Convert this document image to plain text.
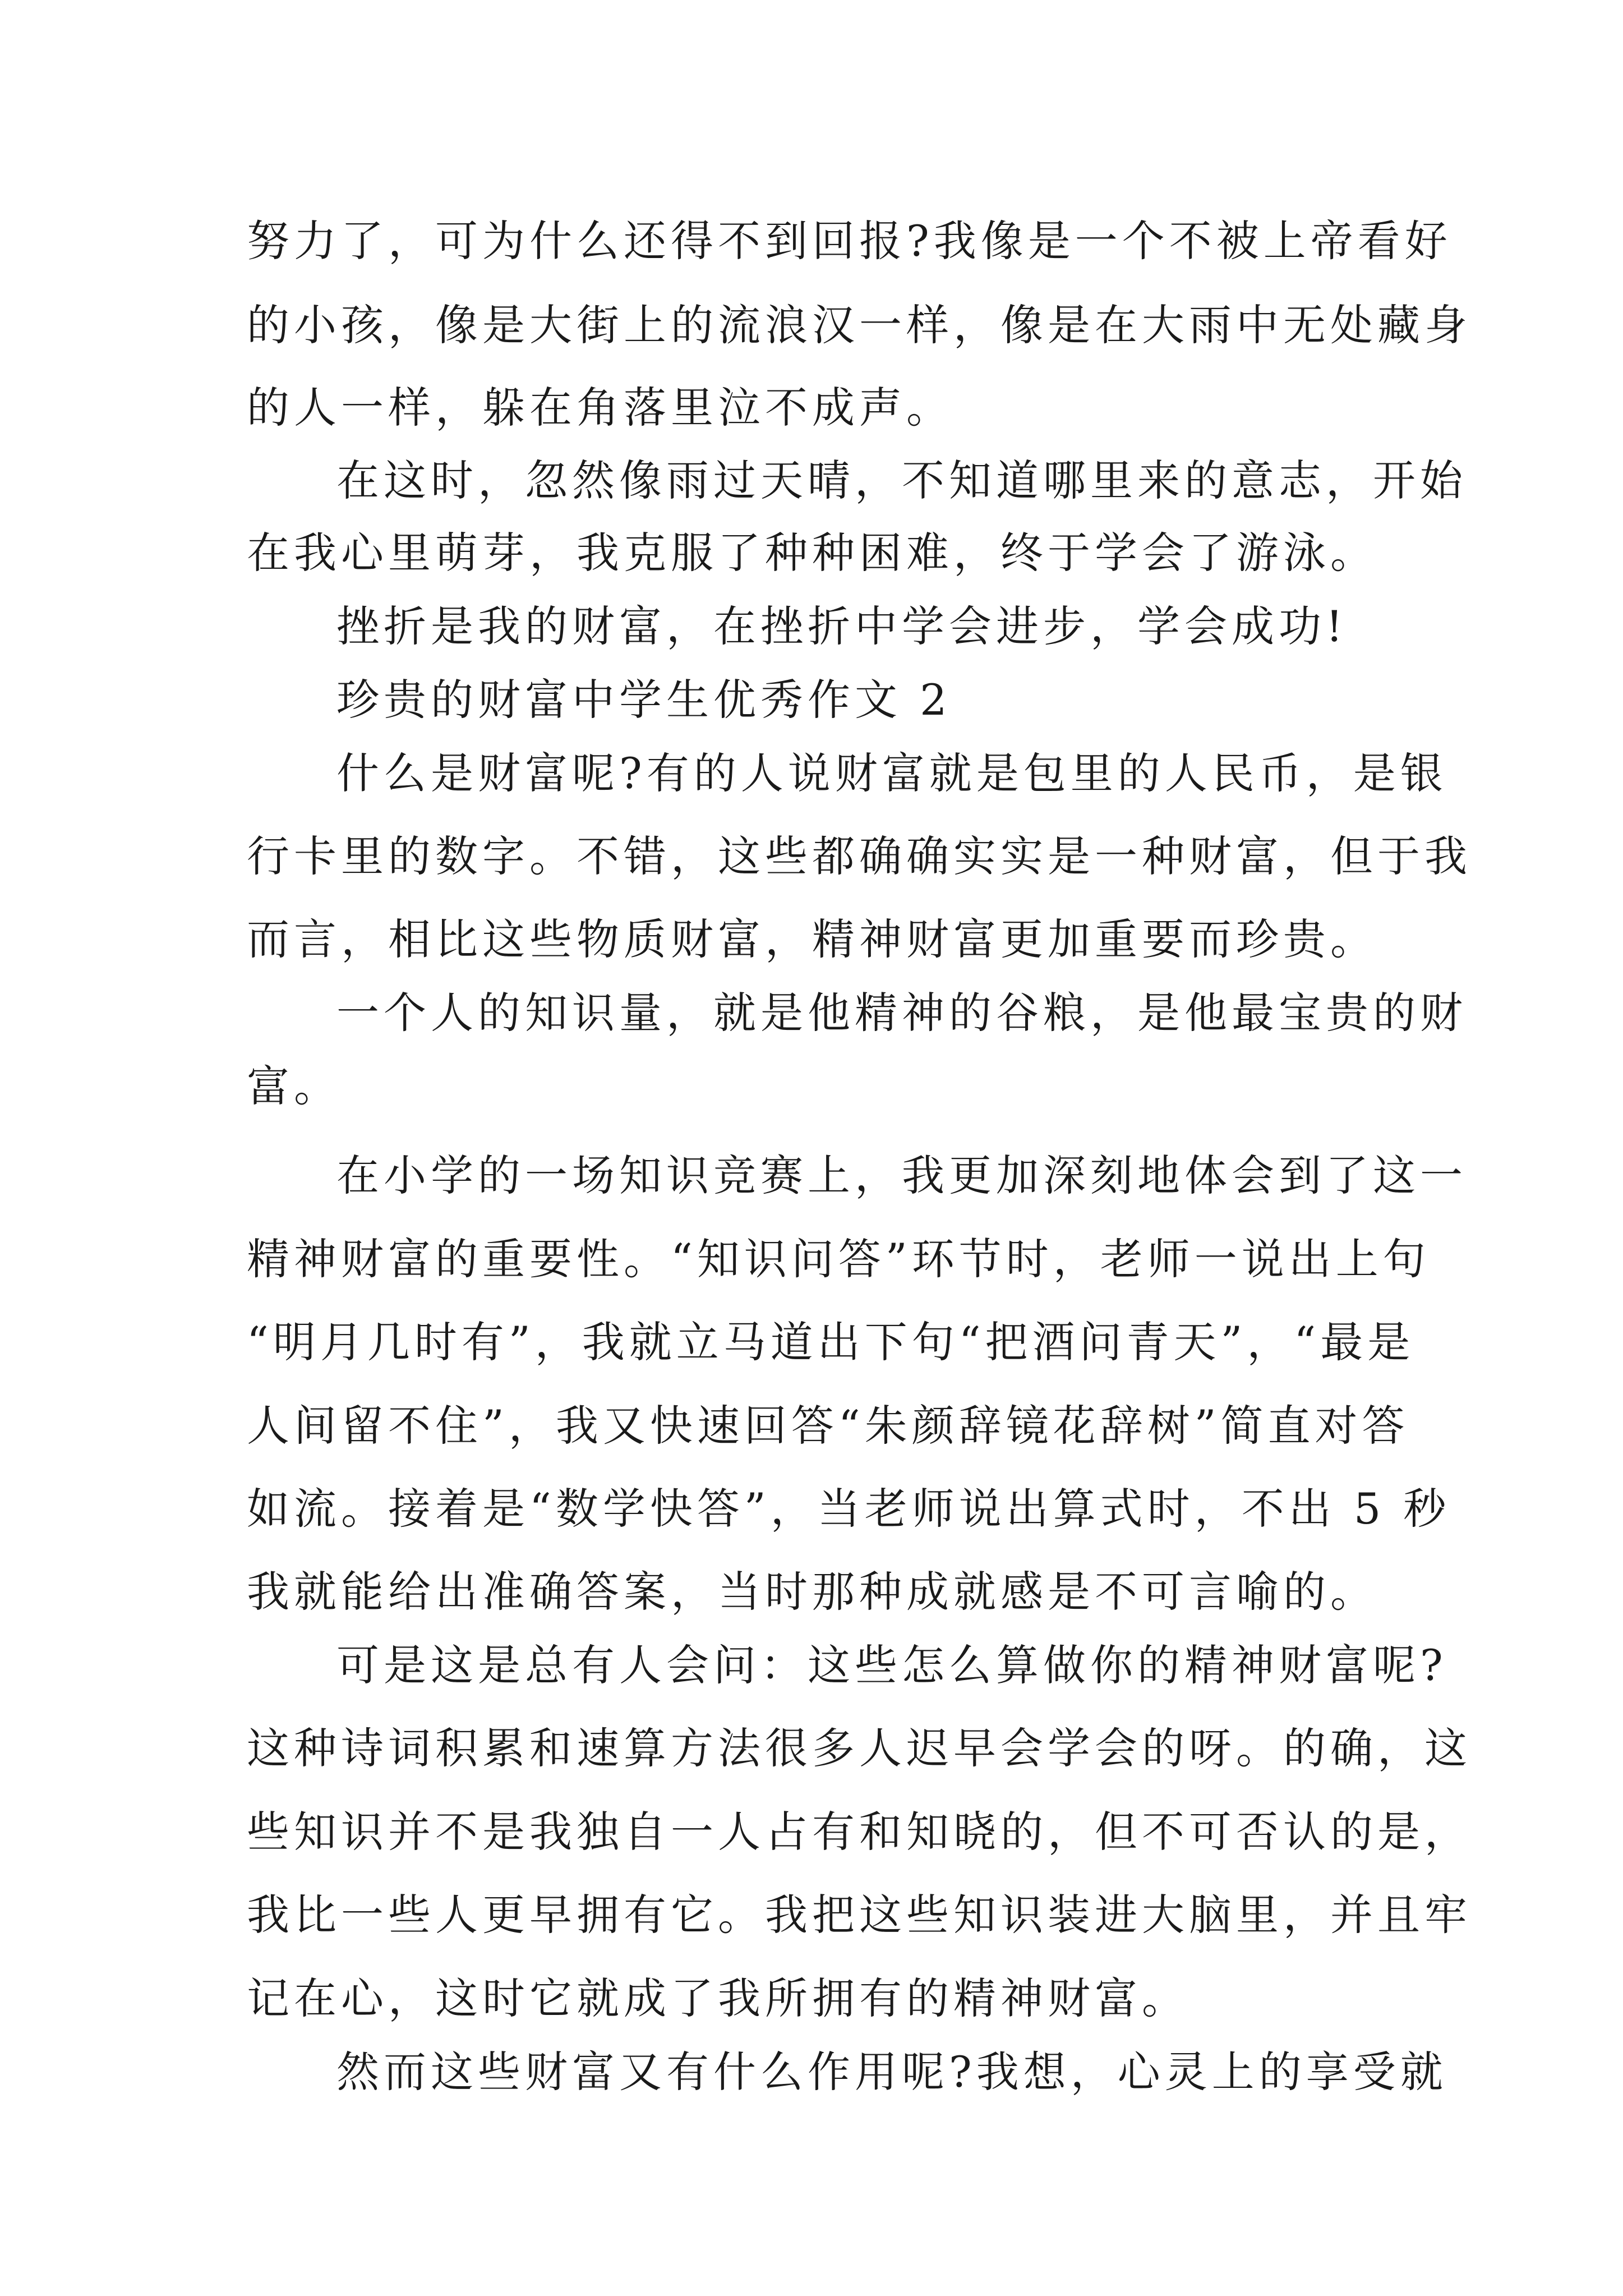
努力了，可为什么还得不到回报?我像是一个不被上帝看好
的小孩，像是大街上的流浪汉一样，像是在大雨中无处藏身
的人一样，躲在角落里泣不成声。
在这时，忽然像雨过天晴，不知道哪里来的意志，开始
在我心里萌芽，我克服了种种困难，终于学会了游泳。
挫折是我的财富，在挫折中学会进步，学会成功!
珍贵的财富中学生优秀作文 2
什么是财富呢?有的人说财富就是包里的人民币，是银
行卡里的数字。不错，这些都确确实实是一种财富，但于我
而言，相比这些物质财富，精神财富更加重要而珍贵。
一个人的知识量，就是他精神的谷粮，是他最宝贵的财
富。
在小学的一场知识竞赛上，我更加深刻地体会到了这一
精神财富的重要性。“知识问答”环节时，老师一说出上句
“明月几时有”，我就立马道出下句“把酒问青天”，“最是
人间留不住”，我又快速回答“朱颜辞镜花辞树”简直对答
如流。接着是“数学快答”，当老师说出算式时，不出 5 秒
我就能给出准确答案，当时那种成就感是不可言喻的。
可是这是总有人会问：这些怎么算做你的精神财富呢?
这种诗词积累和速算方法很多人迟早会学会的呀。的确，这
些知识并不是我独自一人占有和知晓的，但不可否认的是，
我比一些人更早拥有它。我把这些知识装进大脑里，并且牢
记在心，这时它就成了我所拥有的精神财富。
然而这些财富又有什么作用呢?我想，心灵上的享受就
